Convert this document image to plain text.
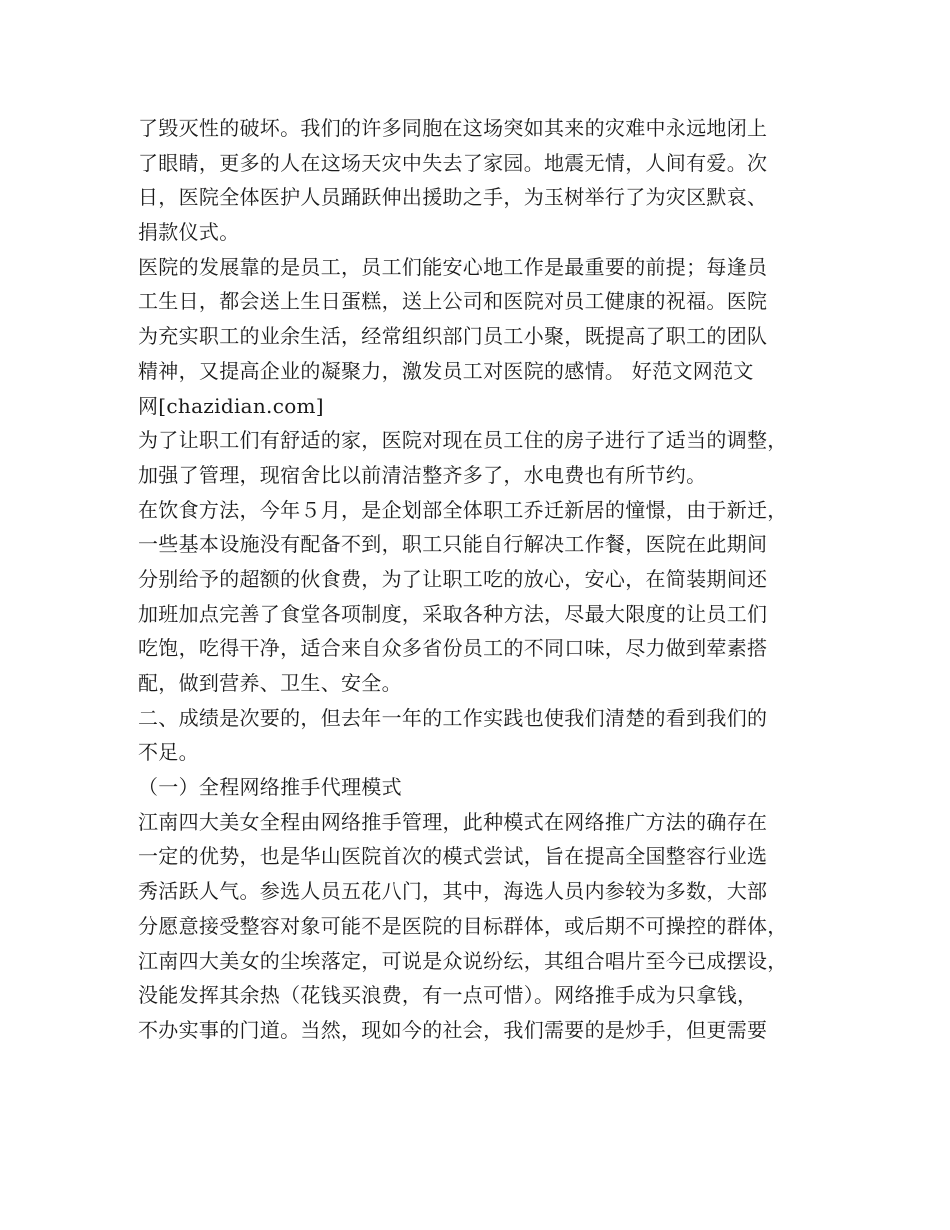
了毁灭性的破坏。我们的许多同胞在这场突如其来的灾难中永远地闭上
了眼睛，更多的人在这场天灾中失去了家园。地震无情，人间有爱。次
日，医院全体医护人员踊跃伸出援助之手，为玉树举行了为灾区默哀、
捐款仪式。
医院的发展靠的是员工，员工们能安心地工作是最重要的前提；每逢员
工生日，都会送上生日蛋糕，送上公司和医院对员工健康的祝福。医院
为充实职工的业余生活，经常组织部门员工小聚，既提高了职工的团队
精神，又提高企业的凝聚力，激发员工对医院的感情。 好范文网范文
网[chazidian.com]
为了让职工们有舒适的家，医院对现在员工住的房子进行了适当的调整，
加强了管理，现宿舍比以前清洁整齐多了，水电费也有所节约。
在饮食方法，今年５月，是企划部全体职工乔迁新居的憧憬，由于新迁，
一些基本设施没有配备不到，职工只能自行解决工作餐，医院在此期间
分别给予的超额的伙食费，为了让职工吃的放心，安心，在简装期间还
加班加点完善了食堂各项制度，采取各种方法，尽最大限度的让员工们
吃饱，吃得干净，适合来自众多省份员工的不同口味，尽力做到荤素搭
配，做到营养、卫生、安全。
二、成绩是次要的，但去年一年的工作实践也使我们清楚的看到我们的
不足。
（一）全程网络推手代理模式
江南四大美女全程由网络推手管理，此种模式在网络推广方法的确存在
一定的优势，也是华山医院首次的模式尝试，旨在提高全国整容行业选
秀活跃人气。参选人员五花八门，其中，海选人员内参较为多数，大部
分愿意接受整容对象可能不是医院的目标群体，或后期不可操控的群体，
江南四大美女的尘埃落定，可说是众说纷纭，其组合唱片至今已成摆设，
没能发挥其余热（花钱买浪费，有一点可惜）。网络推手成为只拿钱，
不办实事的门道。当然，现如今的社会，我们需要的是炒手，但更需要
